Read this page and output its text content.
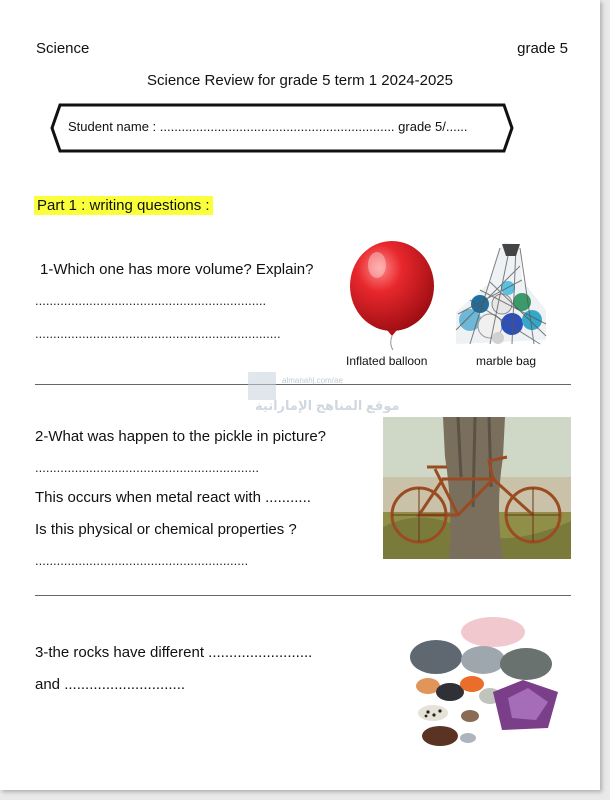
Science	grade 5
Science Review for grade 5 term 1 2024-2025
Student name : ................................................................. grade 5/......
Part 1 : writing questions :
1-Which one has more volume? Explain?
................................................................
....................................................................
Inflated balloon	marble bag
almanahj.com/ae
موقع المناهج الإماراتية
2-What was happen to the pickle in picture?
..............................................................
This occurs when metal react with ...........
Is this physical or chemical properties ?
...........................................................
3-the rocks have different .........................
and .............................
